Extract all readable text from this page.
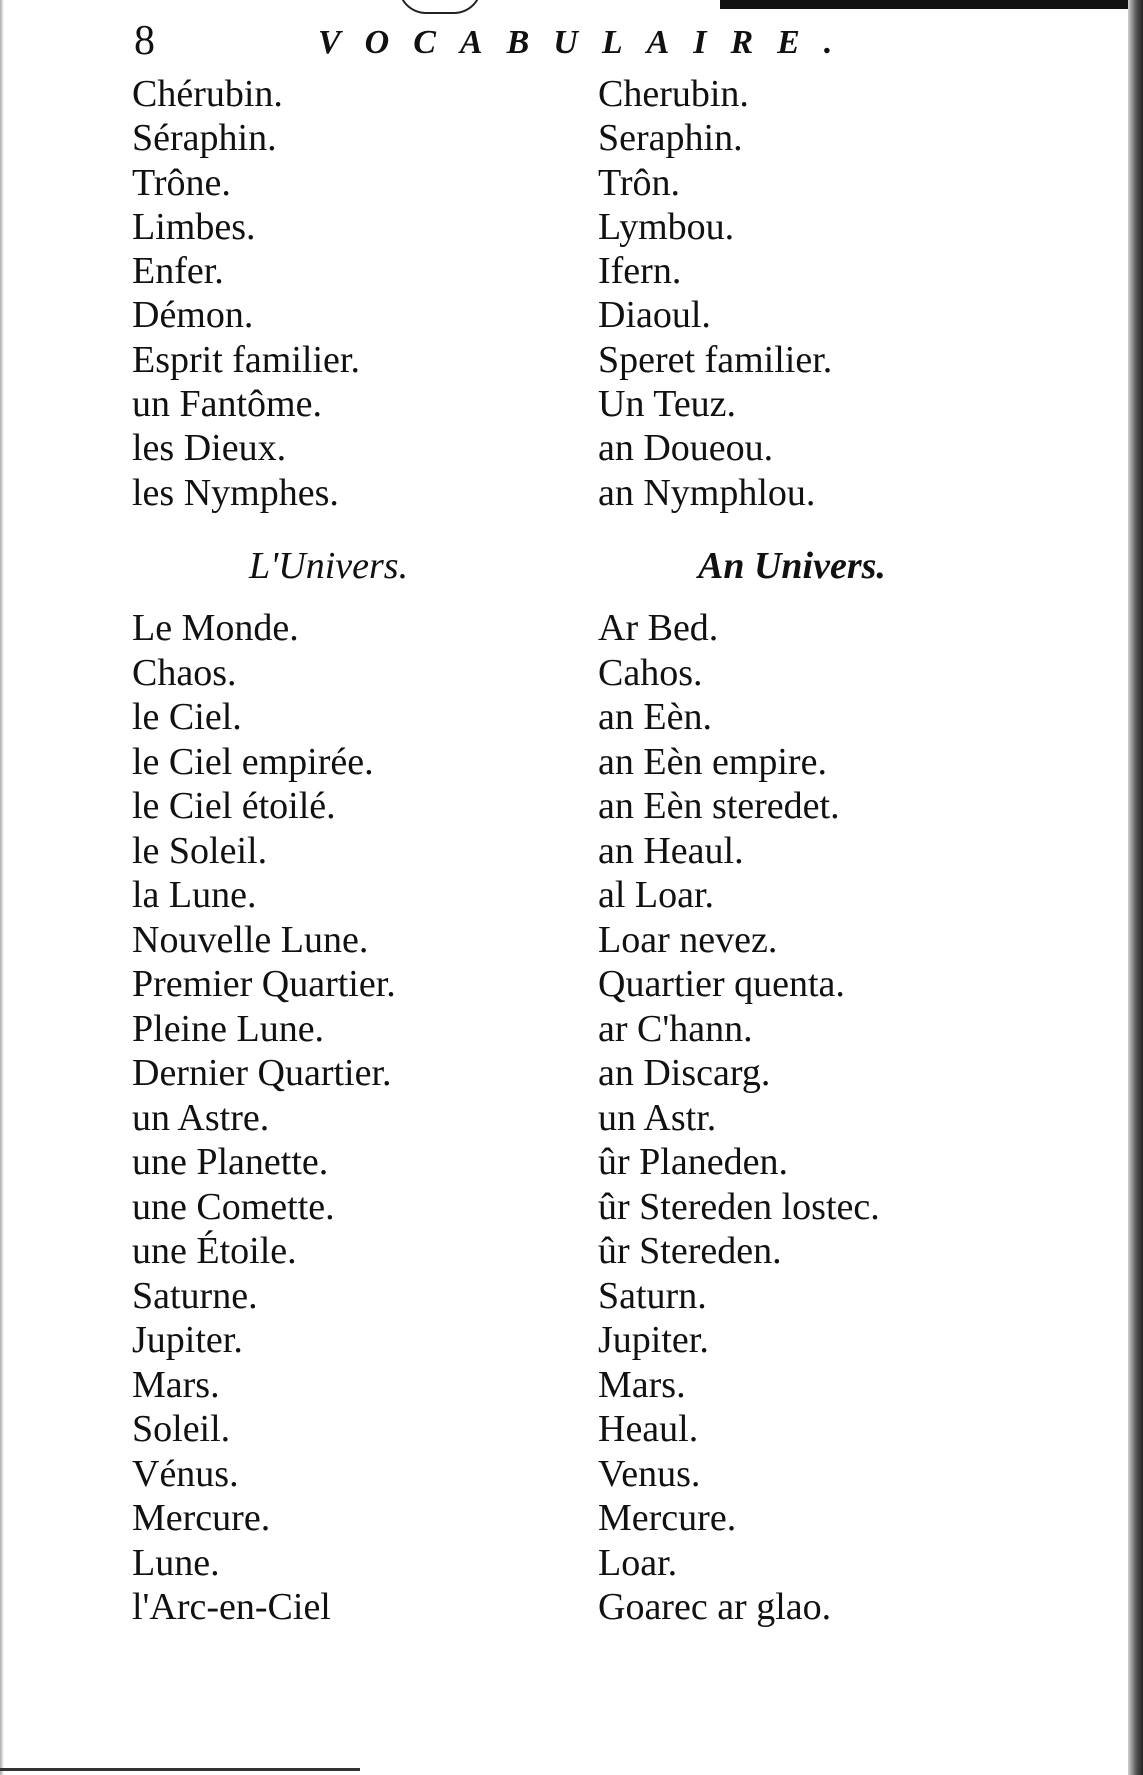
8	VOCABULAIRE.
Chérubin.
Séraphin.
Trône.
Limbes.
Enfer.
Démon.
Esprit familier.
un Fantôme.
les Dieux.
les Nymphes.
Cherubin.
Seraphin.
Trôn.
Lymbou.
Ifern.
Diaoul.
Speret familier.
Un Teuz.
an Doueou.
an Nymphlou.
L'Univers.	An Univers.
Le Monde.
Chaos.
le Ciel.
le Ciel empirée.
le Ciel étoilé.
le Soleil.
la Lune.
Nouvelle Lune.
Premier Quartier.
Pleine Lune.
Dernier Quartier.
un Astre.
une Planette.
une Comette.
une Étoile.
Saturne.
Jupiter.
Mars.
Soleil.
Vénus.
Mercure.
Lune.
l'Arc-en-Ciel
Ar Bed.
Cahos.
an Eèn.
an Eèn empire.
an Eèn steredet.
an Heaul.
al Loar.
Loar nevez.
Quartier quenta.
ar C'hann.
an Discarg.
un Astr.
ûr Planeden.
ûr Stereden lostec.
ûr Stereden.
Saturn.
Jupiter.
Mars.
Heaul.
Venus.
Mercure.
Loar.
Goarec ar glao.
